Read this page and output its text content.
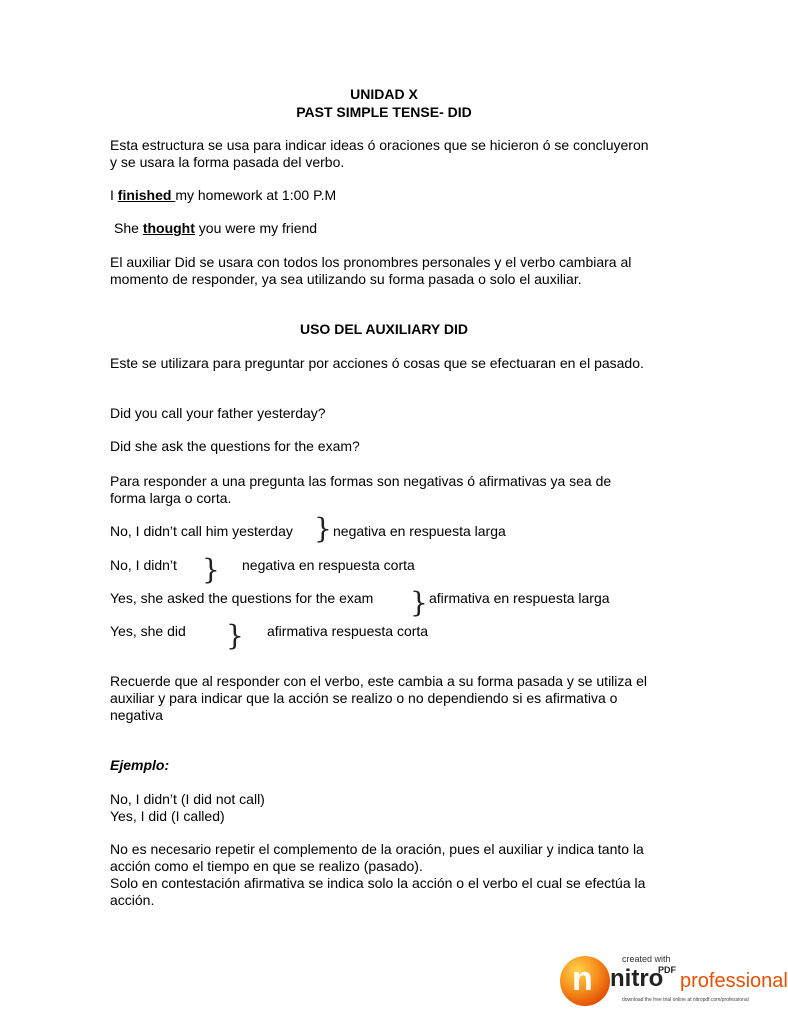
UNIDAD X
PAST SIMPLE TENSE- DID
Esta estructura se usa para indicar ideas ó oraciones que se hicieron ó se concluyeron y se usara la forma pasada del verbo.
I finished my homework at 1:00 P.M
She thought you were my friend
El auxiliar Did se usara con todos los pronombres personales y el verbo cambiara al momento de responder, ya sea utilizando su forma pasada o solo el auxiliar.
USO DEL AUXILIARY DID
Este se utilizara para preguntar por acciones ó cosas que se efectuaran en el pasado.
Did you call your father yesterday?
Did she ask the questions for the exam?
Para responder a una pregunta las formas son negativas ó afirmativas ya sea de forma larga o corta.
No, I didn’t call him yesterday } negativa en respuesta larga
No, I didn’t } negativa en respuesta corta
Yes, she asked the questions for the exam } afirmativa en respuesta larga
Yes, she did } afirmativa respuesta corta
Recuerde que al responder con el verbo, este cambia a su forma pasada y se utiliza el auxiliar y para indicar que la acción se realizo o no dependiendo si es afirmativa o negativa
Ejemplo:
No, I didn’t (I did not call)
Yes, I did (I called)
No es necesario repetir el complemento de la oración, pues el auxiliar y indica tanto la acción como el tiempo en que se realizo (pasado).
Solo en contestación afirmativa se indica solo la acción o el verbo el cual se efectúa la acción.
n
created with
nitro
PDF professional
download the free trial online at nitropdf.com/professional
